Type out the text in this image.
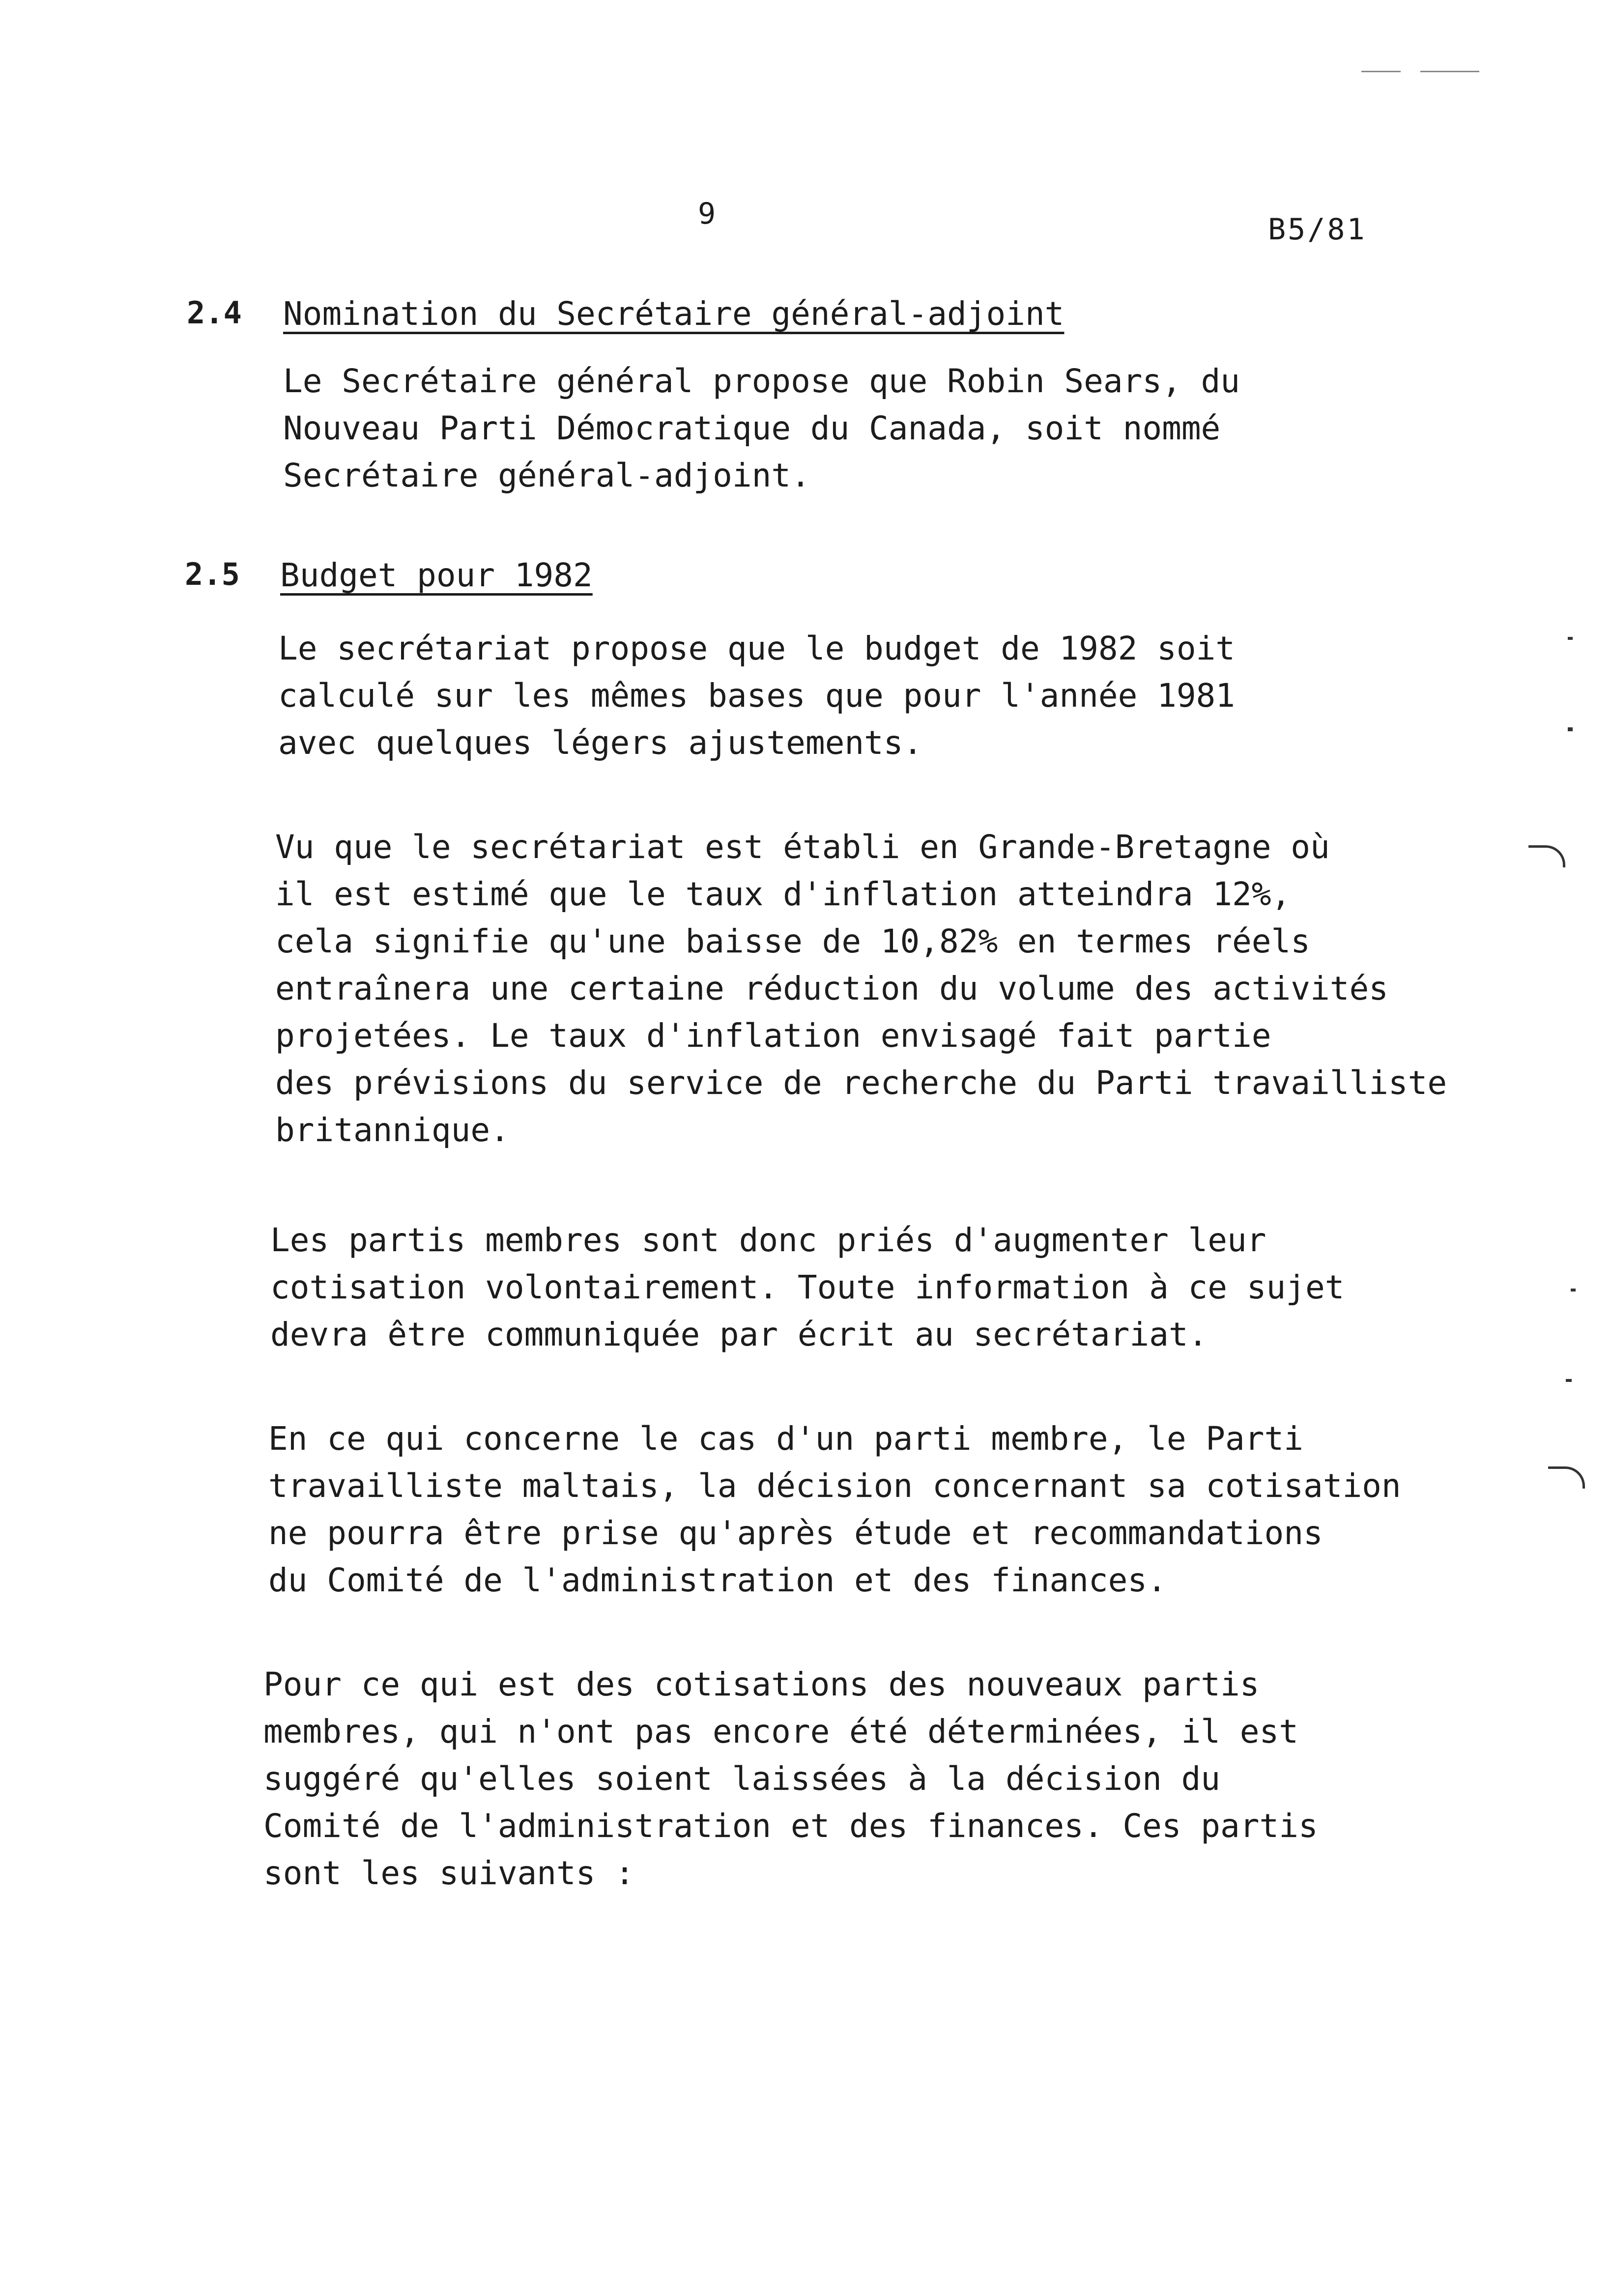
9	B5/81
2.4 Nomination du Secrétaire général-adjoint
Le Secrétaire général propose que Robin Sears, du
Nouveau Parti Démocratique du Canada, soit nommé
Secrétaire général-adjoint.
2.5 Budget pour 1982
Le secrétariat propose que le budget de 1982 soit
calculé sur les mêmes bases que pour l'année 1981
avec quelques légers ajustements.
Vu que le secrétariat est établi en Grande-Bretagne où
il est estimé que le taux d'inflation atteindra 12%,
cela signifie qu'une baisse de 10,82% en termes réels
entraînera une certaine réduction du volume des activités
projetées. Le taux d'inflation envisagé fait partie
des prévisions du service de recherche du Parti travailliste
britannique.
Les partis membres sont donc priés d'augmenter leur
cotisation volontairement. Toute information à ce sujet
devra être communiquée par écrit au secrétariat.
En ce qui concerne le cas d'un parti membre, le Parti
travailliste maltais, la décision concernant sa cotisation
ne pourra être prise qu'après étude et recommandations
du Comité de l'administration et des finances.
Pour ce qui est des cotisations des nouveaux partis
membres, qui n'ont pas encore été déterminées, il est
suggéré qu'elles soient laissées à la décision du
Comité de l'administration et des finances. Ces partis
sont les suivants :
